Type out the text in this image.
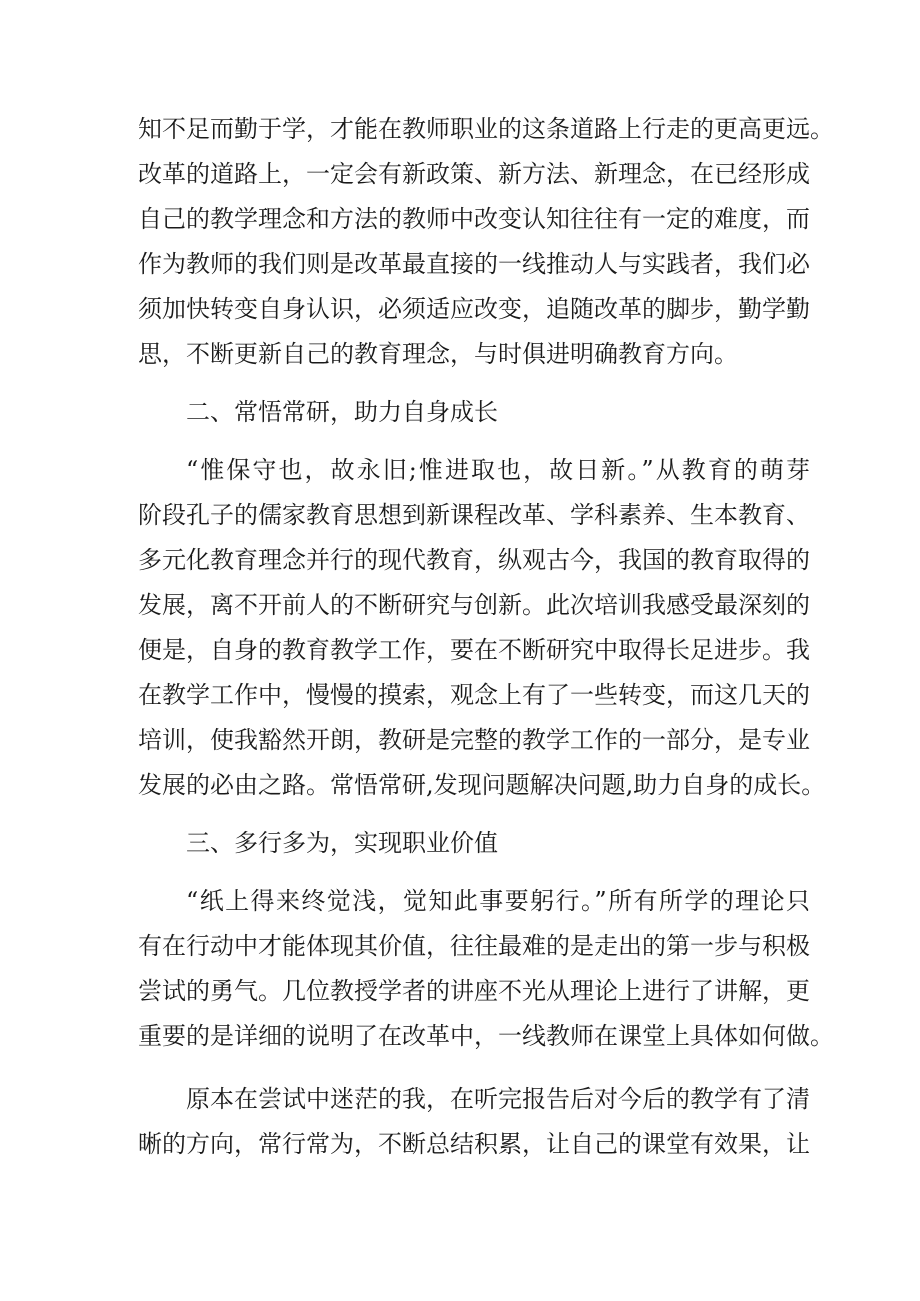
知不足而勤于学，才能在教师职业的这条道路上行走的更高更远。
改革的道路上，一定会有新政策、新方法、新理念，在已经形成
自己的教学理念和方法的教师中改变认知往往有一定的难度，而
作为教师的我们则是改革最直接的一线推动人与实践者，我们必
须加快转变自身认识，必须适应改变，追随改革的脚步，勤学勤
思，不断更新自己的教育理念，与时俱进明确教育方向。
二、常悟常研，助力自身成长
“惟保守也，故永旧;惟进取也，故日新。”从教育的萌芽
阶段孔子的儒家教育思想到新课程改革、学科素养、生本教育、
多元化教育理念并行的现代教育，纵观古今，我国的教育取得的
发展，离不开前人的不断研究与创新。此次培训我感受最深刻的
便是，自身的教育教学工作，要在不断研究中取得长足进步。我
在教学工作中，慢慢的摸索，观念上有了一些转变，而这几天的
培训，使我豁然开朗，教研是完整的教学工作的一部分，是专业
发展的必由之路。常悟常研,发现问题解决问题,助力自身的成长。
三、多行多为，实现职业价值
“纸上得来终觉浅，觉知此事要躬行。”所有所学的理论只
有在行动中才能体现其价值，往往最难的是走出的第一步与积极
尝试的勇气。几位教授学者的讲座不光从理论上进行了讲解，更
重要的是详细的说明了在改革中，一线教师在课堂上具体如何做。
原本在尝试中迷茫的我，在听完报告后对今后的教学有了清
晰的方向，常行常为，不断总结积累，让自己的课堂有效果，让
